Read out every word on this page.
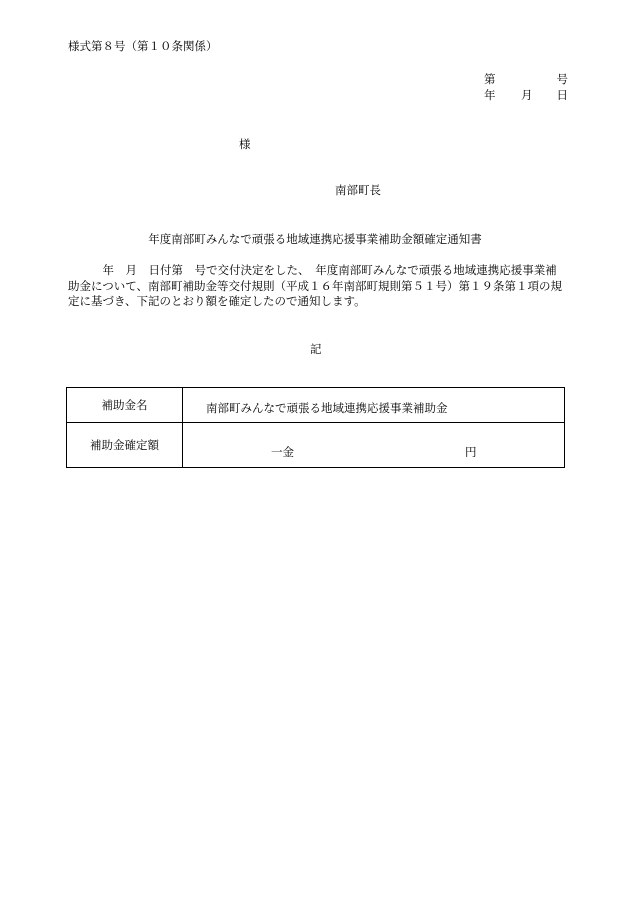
様式第８号（第１０条関係）
第	号
年 月 日
様
南部町長
年度南部町みんなで頑張る地域連携応援事業補助金額確定通知書
　　　年　月　日付第　号で交付決定をした、　年度南部町みんなで頑張る地域連携応援事業補
助金について、南部町補助金等交付規則（平成１６年南部町規則第５１号）第１９条第１項の規
定に基づき、下記のとおり額を確定したので通知します。
記
補助金名	南部町みんなで頑張る地域連携応援事業補助金

補助金確定額	一金 円
